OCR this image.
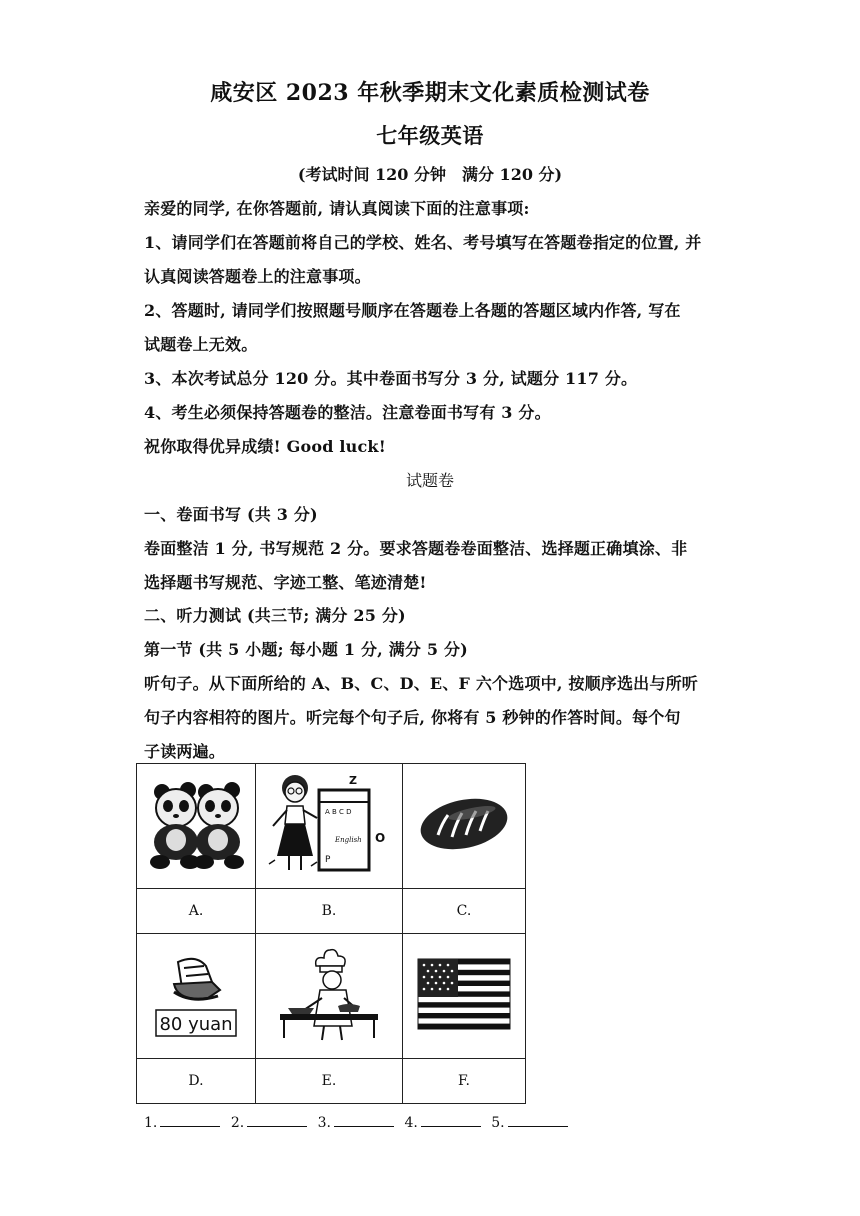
咸安区 2023 年秋季期末文化素质检测试卷
七年级英语
(考试时间 120 分钟　满分 120 分)
亲爱的同学, 在你答题前, 请认真阅读下面的注意事项:
1、请同学们在答题前将自己的学校、姓名、考号填写在答题卷指定的位置, 并
认真阅读答题卷上的注意事项。
2、答题时, 请同学们按照题号顺序在答题卷上各题的答题区域内作答, 写在
试题卷上无效。
3、本次考试总分 120 分。其中卷面书写分 3 分, 试题分 117 分。
4、考生必须保持答题卷的整洁。注意卷面书写有 3 分。
祝你取得优异成绩! Good luck!
试题卷
一、卷面书写 (共 3 分)
卷面整洁 1 分, 书写规范 2 分。要求答题卷卷面整洁、选择题正确填涂、非
选择题书写规范、字迹工整、笔迹清楚!
二、听力测试 (共三节; 满分 25 分)
第一节 (共 5 小题; 每小题 1 分, 满分 5 分)
听句子。从下面所给的 A、B、C、D、E、F 六个选项中, 按顺序选出与所听
句子内容相符的图片。听完每个句子后, 你将有 5 秒钟的作答时间。每个句
子读两遍。

A B C D
English
P
Z
O

A.	B.	C.

80 yuan

D.	E.	F.
1.	2.	3.	4.	5.
